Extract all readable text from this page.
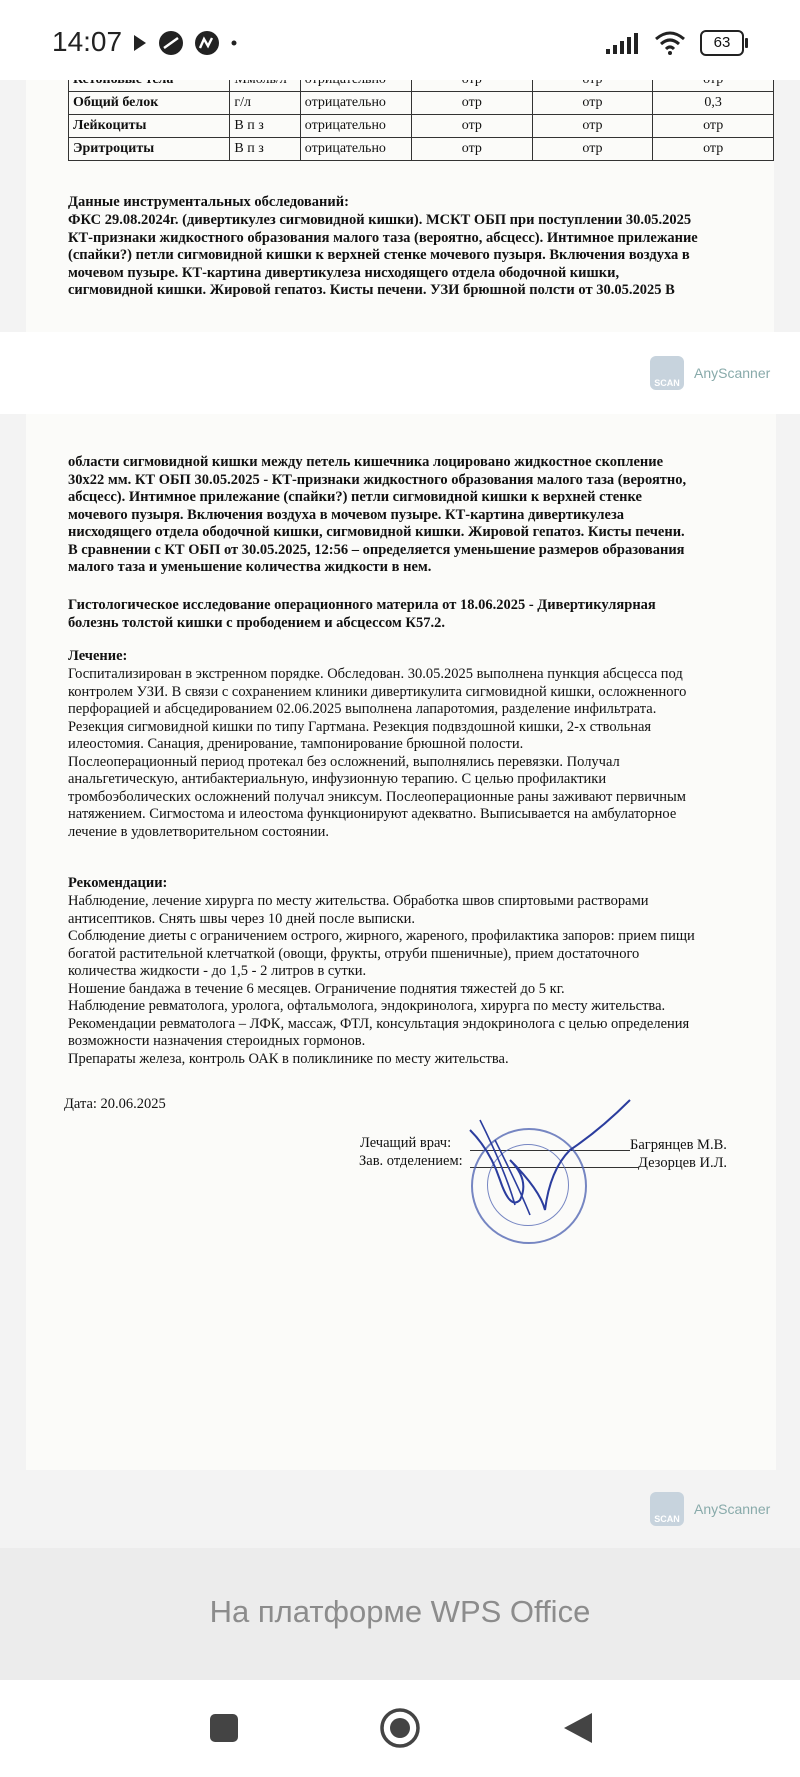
14:07	63

Общий белок	г/л	отрицательно	отр	отр	0,3
Лейкоциты	В п з	отрицательно	отр	отр	отр
Эритроциты	В п з	отрицательно	отр	отр	отр
Данные инструментальных обследований:
ФКС 29.08.2024г. (дивертикулез сигмовидной кишки). МСКТ ОБП при поступлении 30.05.2025
КТ-признаки жидкостного образования малого таза (вероятно, абсцесс). Интимное прилежание
(спайки?) петли сигмовидной кишки к верхней стенке мочевого пузыря. Включения воздуха в
мочевом пузыре. КТ-картина дивертикулеза нисходящего отдела ободочной кишки,
сигмовидной кишки. Жировой гепатоз. Кисты печени. УЗИ брюшной полсти от 30.05.2025 В
SCAN
AnyScanner
области сигмовидной кишки между петель кишечника лоцировано жидкостное скопление
30х22 мм. КТ ОБП 30.05.2025 - КТ-признаки жидкостного образования малого таза (вероятно,
абсцесс). Интимное прилежание (спайки?) петли сигмовидной кишки к верхней стенке
мочевого пузыря. Включения воздуха в мочевом пузыре. КТ-картина дивертикулеза
нисходящего отдела ободочной кишки, сигмовидной кишки. Жировой гепатоз. Кисты печени.
В сравнении с КТ ОБП от 30.05.2025, 12:56 – определяется уменьшение размеров образования
малого таза и уменьшение количества жидкости в нем.
Гистологическое исследование операционного материла от 18.06.2025 - Дивертикулярная
болезнь толстой кишки с прободением и абсцессом К57.2.
Лечение:
Госпитализирован в экстренном порядке. Обследован. 30.05.2025 выполнена пункция абсцесса под
контролем УЗИ. В связи с сохранением клиники дивертикулита сигмовидной кишки, осложненного
перфорацией и абсцедированием 02.06.2025 выполнена лапаротомия, разделение инфильтрата.
Резекция сигмовидной кишки по типу Гартмана. Резекция подвздошной кишки, 2-х ствольная
илеостомия. Санация, дренирование, тампонирование брюшной полости.
Послеоперационный период протекал без осложнений, выполнялись перевязки. Получал
анальгетическую, антибактериальную, инфузионную терапию. С целью профилактики
тромбоэболических осложнений получал эниксум. Послеоперационные раны заживают первичным
натяжением. Сигмостома и илеостома функционируют адекватно. Выписывается на амбулаторное
лечение в удовлетворительном состоянии.
Рекомендации:
Наблюдение, лечение хирурга по месту жительства. Обработка швов спиртовыми растворами
антисептиков. Снять швы через 10 дней после выписки.
Соблюдение диеты с ограничением острого, жирного, жареного, профилактика запоров: прием пищи
богатой растительной клетчаткой (овощи, фрукты, отруби пшеничные), прием достаточного
количества жидкости - до 1,5 - 2 литров в сутки.
Ношение бандажа в течение 6 месяцев. Ограничение поднятия тяжестей до 5 кг.
Наблюдение ревматолога, уролога, офтальмолога, эндокринолога, хирурга по месту жительства.
Рекомендации ревматолога – ЛФК, массаж, ФТЛ, консультация эндокринолога с целью определения
возможности назначения стероидных гормонов.
Препараты железа, контроль ОАК в поликлинике по месту жительства.
Дата: 20.06.2025
Лечащий врач:	Багрянцев М.В.
Зав. отделением:	Дезорцев И.Л.
SCAN
AnyScanner
На платформе WPS Office
